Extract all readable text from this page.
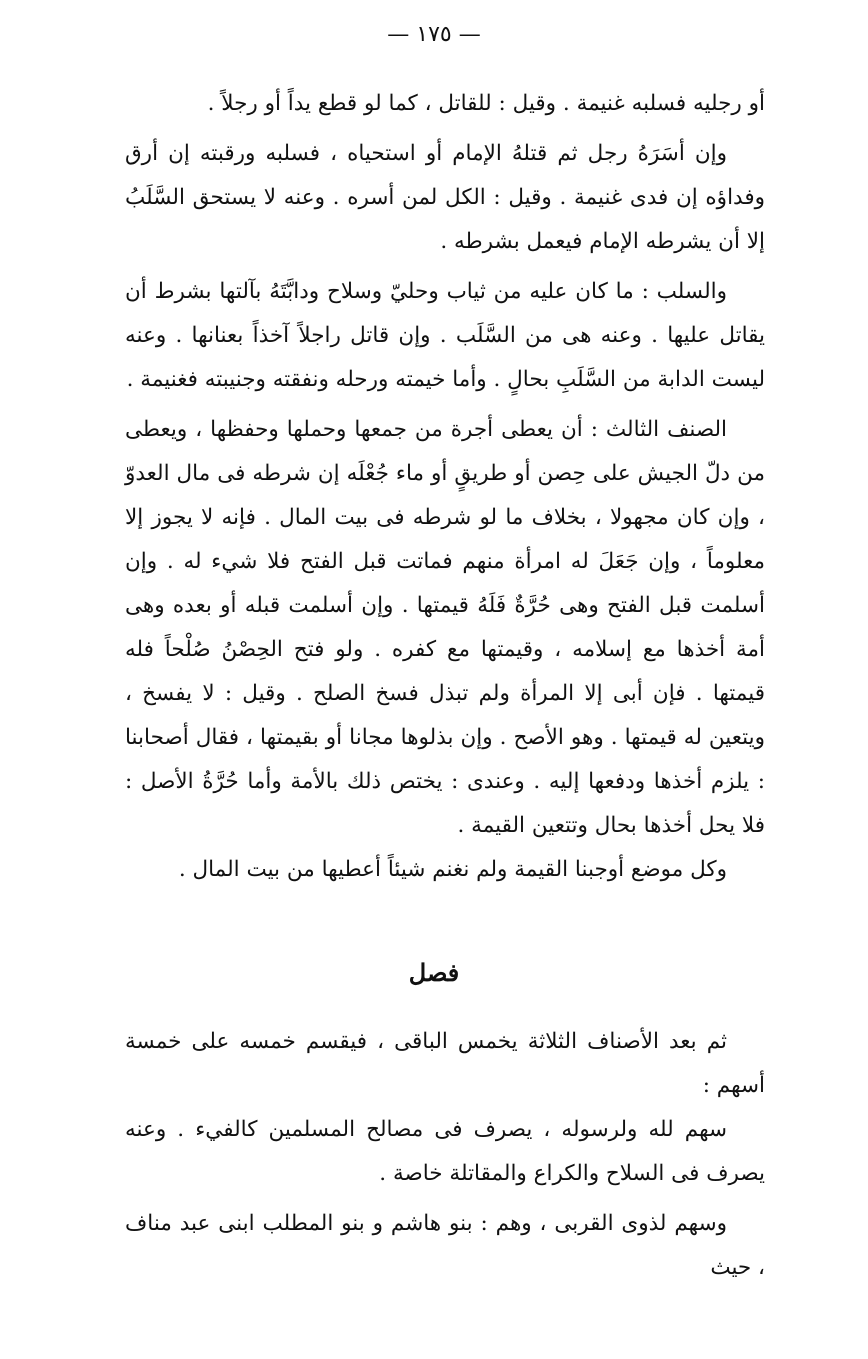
— ١٧٥ —

أو رجليه فسلبه غنيمة . وقيل : للقاتل ، كما لو قطع يداً أو رجلاً .

وإن أسَرَهُ رجل ثم قتلهُ الإمام أو استحياه ، فسلبه ورقبته إن أرق وفداؤه إن فدى غنيمة . وقيل : الكل لمن أسره . وعنه لا يستحق السَّلَبُ إلا أن يشرطه الإمام فيعمل بشرطه .

والسلب : ما كان عليه من ثياب وحليّ وسلاح ودابَّتَهُ بآلتها بشرط أن يقاتل عليها . وعنه هى من السَّلَب . وإن قاتل راجلاً آخذاً بعنانها . وعنه ليست الدابة من السَّلَبِ بحالٍ . وأما خيمته ورحله ونفقته وجنيبته فغنيمة .

الصنف الثالث : أن يعطى أجرة من جمعها وحملها وحفظها ، ويعطى من دلّ الجيش على حِصن أو طريقٍ أو ماء جُعْلَه إن شرطه فى مال العدوّ ، وإن كان مجهولا ، بخلاف ما لو شرطه فى بيت المال . فإنه لا يجوز إلا معلوماً ، وإن جَعَلَ له امرأة منهم فماتت قبل الفتح فلا شيء له . وإن أسلمت قبل الفتح وهى حُرَّةٌ فَلَهُ قيمتها . وإن أسلمت قبله أو بعده وهى أمة أخذها مع إسلامه ، وقيمتها مع كفره . ولو فتح الحِصْنُ صُلْحاً فله قيمتها . فإن أبى إلا المرأة ولم تبذل فسخ الصلح . وقيل : لا يفسخ ، ويتعين له قيمتها . وهو الأصح . وإن بذلوها مجانا أو بقيمتها ، فقال أصحابنا : يلزم أخذها ودفعها إليه . وعندى : يختص ذلك بالأمة وأما حُرَّةُ الأصل : فلا يحل أخذها بحال وتتعين القيمة .

وكل موضع أوجبنا القيمة ولم نغنم شيئاً أعطيها من بيت المال .

فصل

ثم بعد الأصناف الثلاثة يخمس الباقى ، فيقسم خمسه على خمسة أسهم :

سهم لله ولرسوله ، يصرف فى مصالح المسلمين كالفيء . وعنه يصرف فى السلاح والكراع والمقاتلة خاصة .

وسهم لذوى القربى ، وهم : بنو هاشم و بنو المطلب ابنى عبد مناف ، حيث
